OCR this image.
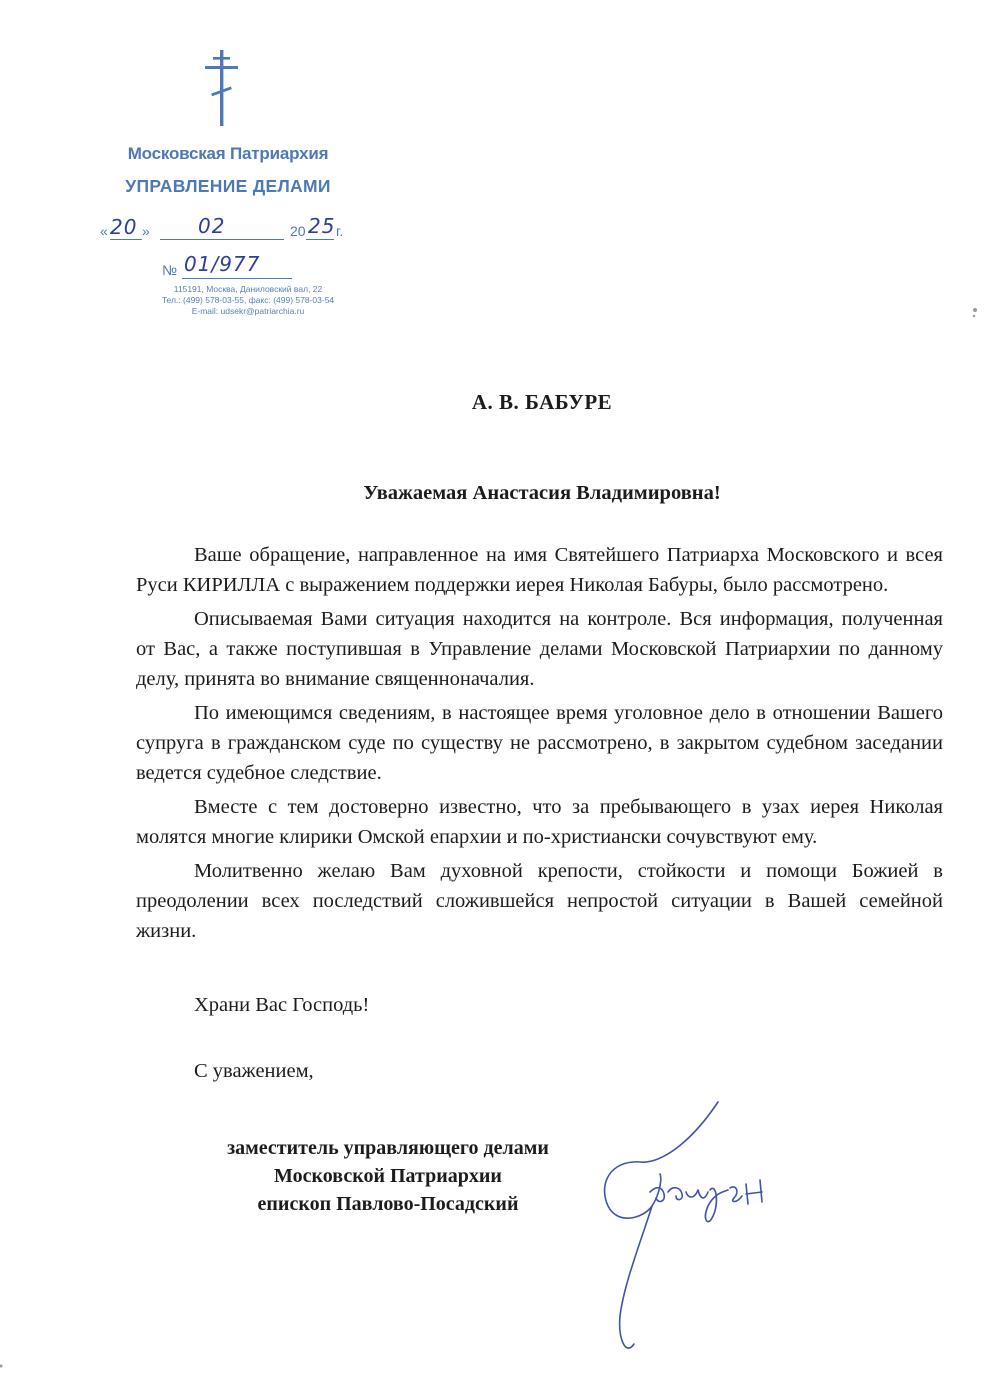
Московская Патриархия
УПРАВЛЕНИЕ ДЕЛАМИ
« 20 » 02	20 25 г.
№ 01/977
115191, Москва, Даниловский вал, 22
Тел.: (499) 578-03-55, факс: (499) 578-03-54
E-mail: udsekr@patriarchia.ru
А. В. БАБУРЕ
Уважаемая Анастасия Владимировна!

Ваше обращение, направленное на имя Святейшего Патриарха Московского и всея Руси КИРИЛЛА с выражением поддержки иерея Николая Бабуры, было рассмотрено.

Описываемая Вами ситуация находится на контроле. Вся информация, полученная от Вас, а также поступившая в Управление делами Московской Патриархии по данному делу, принята во внимание священноначалия.

По имеющимся сведениям, в настоящее время уголовное дело в отношении Вашего супруга в гражданском суде по существу не рассмотрено, в закрытом судебном заседании ведется судебное следствие.

Вместе с тем достоверно известно, что за пребывающего в узах иерея Николая молятся многие клирики Омской епархии и по-христиански сочувствуют ему.

Молитвенно желаю Вам духовной крепости, стойкости и помощи Божией в преодолении всех последствий сложившейся непростой ситуации в Вашей семейной жизни.

Храни Вас Господь!
С уважением,
заместитель управляющего делами
Московской Патриархии
епископ Павлово-Посадский
